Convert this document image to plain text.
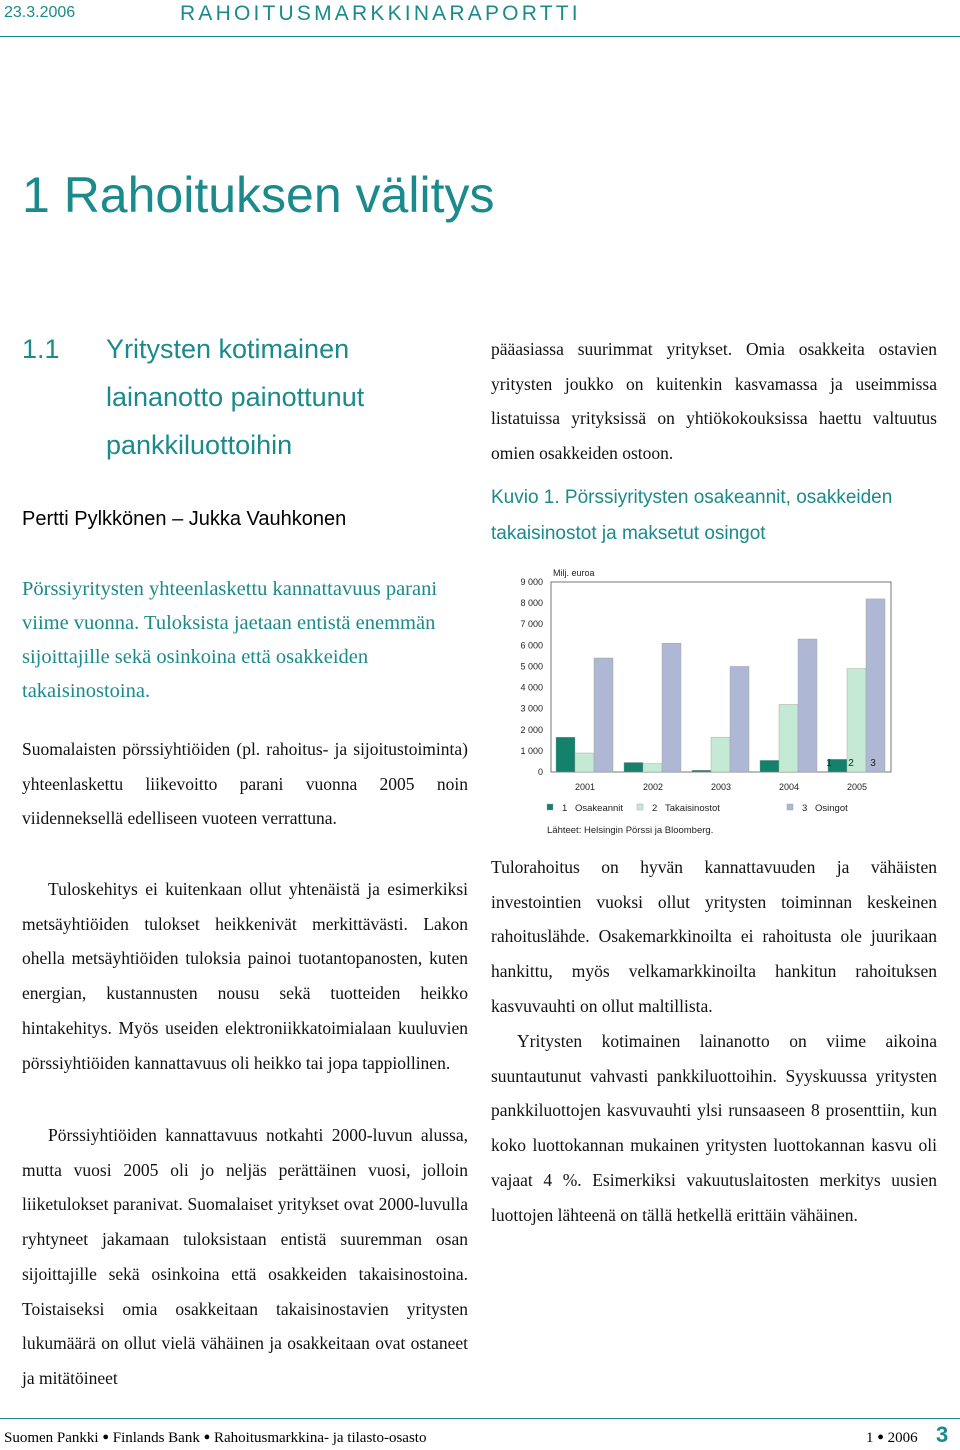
23.3.2006	RAHOITUSMARKKINARAPORTTI
1 Rahoituksen välitys
1.1 Yritysten kotimainen
lainanotto painottunut
pankkiluottoihin
Pertti Pylkkönen – Jukka Vauhkonen

Pörssiyritysten yhteenlaskettu kannattavuus parani viime vuonna. Tuloksista jaetaan entistä enemmän sijoittajille sekä osinkoina että osakkeiden takaisinostoina.

Suomalaisten pörssiyhtiöiden (pl. rahoitus- ja sijoitustoiminta) yhteenlaskettu liikevoitto parani vuonna 2005 noin viidenneksellä edelliseen vuoteen verrattuna.

Tuloskehitys ei kuitenkaan ollut yhtenäistä ja esimerkiksi metsäyhtiöiden tulokset heikkenivät merkittävästi. Lakon ohella metsäyhtiöiden tuloksia painoi tuotantopanosten, kuten energian, kustannusten nousu sekä tuotteiden heikko hintakehitys. Myös useiden elektroniikkatoimialaan kuuluvien pörssiyhtiöiden kannattavuus oli heikko tai jopa tappiollinen.

Pörssiyhtiöiden kannattavuus notkahti 2000-luvun alussa, mutta vuosi 2005 oli jo neljäs perättäinen vuosi, jolloin liiketulokset paranivat. Suomalaiset yritykset ovat 2000-luvulla ryhtyneet jakamaan tuloksistaan entistä suuremman osan sijoittajille sekä osinkoina että osakkeiden takaisinostoina. Toistaiseksi omia osakkeitaan takaisinostavien yritysten lukumäärä on ollut vielä vähäinen ja osakkeitaan ovat ostaneet ja mitätöineet

pääasiassa suurimmat yritykset. Omia osakkeita ostavien yritysten joukko on kuitenkin kasvamassa ja useimmissa listatuissa yrityksissä on yhtiökokouksissa haettu valtuutus omien osakkeiden ostoon.

Kuvio 1. Pörssiyritysten osakeannit, osakkeiden takaisinostot ja maksetut osingot

Milj. euroa
0
1 000
2 000
3 000
4 000
5 000
6 000
7 000
8 000
9 000
2001	2002	2003	2004	2005
1 2 3
1 Osakeannit	2 Takaisinostot	3 Osingot
Lähteet: Helsingin Pörssi ja Bloomberg.

Tulorahoitus on hyvän kannattavuuden ja vähäisten investointien vuoksi ollut yritysten toiminnan keskeinen rahoituslähde. Osakemarkkinoilta ei rahoitusta ole juurikaan hankittu, myös velkamarkkinoilta hankitun rahoituksen kasvuvauhti on ollut maltillista.

Yritysten kotimainen lainanotto on viime aikoina suuntautunut vahvasti pankkiluottoihin. Syyskuussa yritysten pankkiluottojen kasvuvauhti ylsi runsaaseen 8 prosenttiin, kun koko luottokannan mukainen yritysten luottokannan kasvu oli vajaat 4 %. Esimerkiksi vakuutuslaitosten merkitys uusien luottojen lähteenä on tällä hetkellä erittäin vähäinen.

Suomen Pankki ● Finlands Bank ● Rahoitusmarkkina- ja tilasto-osasto	1 ● 2006 3
